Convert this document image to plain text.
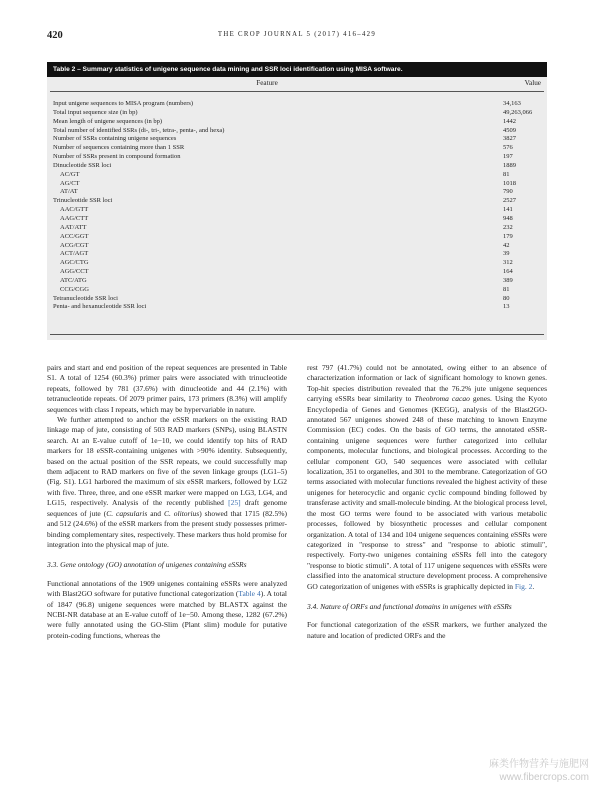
420	THE CROP JOURNAL 5 (2017) 416–429
Table 2 – Summary statistics of unigene sequence data mining and SSR loci identification using MISA software.
Feature	Value
Input unigene sequences to MISA program (numbers)	34,163
Total input sequence size (in bp)	49,263,066
Mean length of unigene sequences (in bp)	1442
Total number of identified SSRs (di-, tri-, tetra-, penta-, and hexa)	4509
Number of SSRs containing unigene sequences	3827
Number of sequences containing more than 1 SSR	576
Number of SSRs present in compound formation	197
Dinucleotide SSR loci	1889
AC/GT	81
AG/CT	1018
AT/AT	790
Trinucleotide SSR loci	2527
AAC/GTT	141
AAG/CTT	948
AAT/ATT	232
ACC/GGT	179
ACG/CGT	42
ACT/AGT	39
AGC/CTG	312
AGG/CCT	164
ATC/ATG	389
CCG/CGG	81
Tetranucleotide SSR loci	80
Penta- and hexanucleotide SSR loci	13

pairs and start and end position of the repeat sequences are presented in Table S1. A total of 1254 (60.3%) primer pairs were associated with trinucleotide repeats, followed by 781 (37.6%) with dinucleotide and 44 (2.1%) with tetranucleotide repeats. Of 2079 primer pairs, 173 primers (8.3%) will amplify sequences with class I repeats, which may be hypervariable in nature.

We further attempted to anchor the eSSR markers on the existing RAD linkage map of jute, consisting of 503 RAD markers (SNPs), using BLASTN search. At an E-value cutoff of 1e−10, we could identify top hits of RAD markers for 18 eSSR-containing unigenes with >90% identity. Subsequently, based on the actual position of the SSR repeats, we could successfully map them adjacent to RAD markers on five of the seven linkage groups (LG1–5) (Fig. S1). LG1 harbored the maximum of six eSSR markers, followed by LG2 with five. Three, three, and one eSSR marker were mapped on LG3, LG4, and LG15, respectively. Analysis of the recently published [25] draft genome sequences of jute (C. capsularis and C. olitorius) showed that 1715 (82.5%) and 512 (24.6%) of the eSSR markers from the present study possesses primer-binding complementary sites, respectively. These markers thus hold promise for integration into the physical map of jute.

3.3. Gene ontology (GO) annotation of unigenes containing eSSRs

Functional annotations of the 1909 unigenes containing eSSRs were analyzed with Blast2GO software for putative functional categorization (Table 4). A total of 1847 (96.8) unigene sequences were matched by BLASTX against the NCBI-NR database at an E-value cutoff of 1e−50. Among these, 1282 (67.2%) were fully annotated using the GO-Slim (Plant slim) module for putative protein-coding functions, whereas the

rest 797 (41.7%) could not be annotated, owing either to an absence of characterization information or lack of significant homology to known genes. Top-hit species distribution revealed that the 76.2% jute unigene sequences carrying eSSRs bear similarity to Theobroma cacao genes. Using the Kyoto Encyclopedia of Genes and Genomes (KEGG), analysis of the Blast2GO-annotated 567 unigenes showed 248 of these matching to known Enzyme Commission (EC) codes. On the basis of GO terms, the annotated eSSR-containing unigene sequences were further categorized into cellular components, molecular functions, and biological processes. According to the cellular component GO, 540 sequences were associated with cellular localization, 351 to organelles, and 301 to the membrane. Categorization of GO terms associated with molecular functions revealed the highest activity of these unigenes for heterocyclic and organic cyclic compound binding followed by transferase activity and small-molecule binding. At the biological process level, the most GO terms were found to be associated with various metabolic processes, followed by biosynthetic processes and cellular component organization. A total of 134 and 104 unigene sequences containing eSSRs were categorized in "response to stress" and "response to abiotic stimuli", respectively. Forty-two unigenes containing eSSRs fell into the category "response to biotic stimuli". A total of 117 unigene sequences with eSSRs were classified into the anatomical structure development process. A comprehensive GO categorization of unigenes with eSSRs is graphically depicted in Fig. 2.

3.4. Nature of ORFs and functional domains in unigenes with eSSRs

For functional categorization of the eSSR markers, we further analyzed the nature and location of predicted ORFs and the

麻类作物营养与施肥网
www.fibercrops.com
